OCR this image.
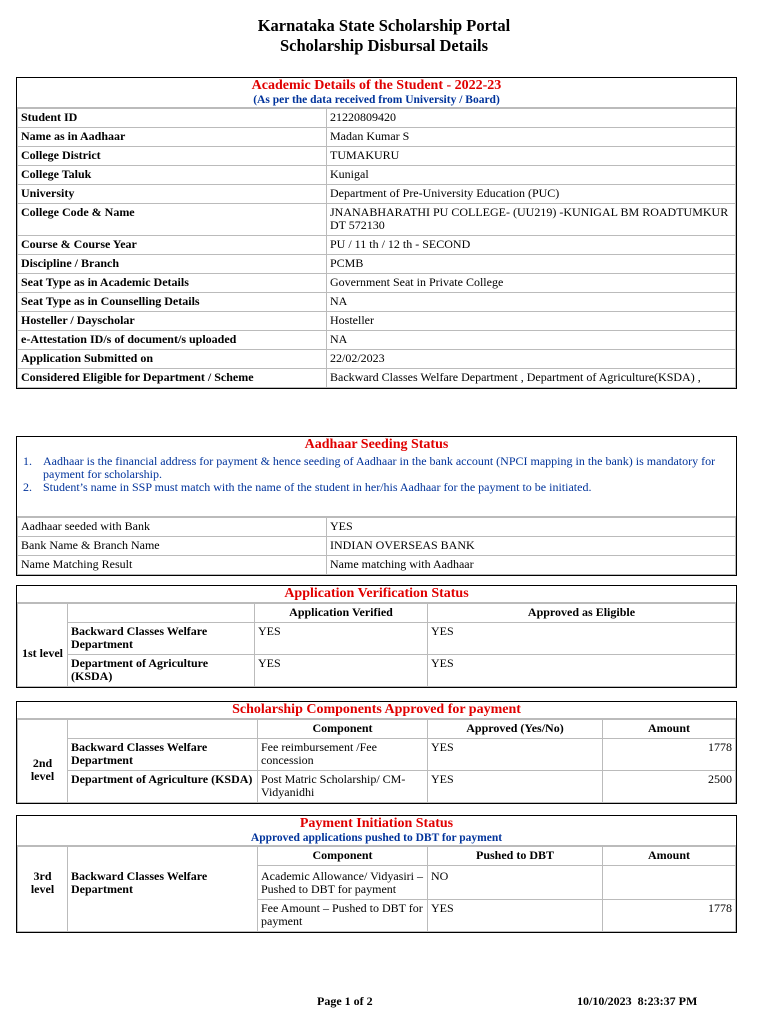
Karnataka State Scholarship Portal
Scholarship Disbursal Details
Academic Details of the Student - 2022-23
(As per the data received from University / Board)
Student ID	21220809420
Name as in Aadhaar	Madan Kumar S
College District	TUMAKURU
College Taluk	Kunigal
University	Department of Pre-University Education (PUC)
College Code & Name	JNANABHARATHI PU COLLEGE- (UU219) -KUNIGAL BM ROADTUMKUR DT 572130
Course & Course Year	PU / 11 th / 12 th - SECOND
Discipline / Branch	PCMB
Seat Type as in Academic Details	Government Seat in Private College
Seat Type as in Counselling Details	NA
Hosteller / Dayscholar	Hosteller
e-Attestation ID/s of document/s uploaded	NA
Application Submitted on	22/02/2023
Considered Eligible for Department / Scheme	Backward Classes Welfare Department , Department of Agriculture(KSDA) ,
Aadhaar Seeding Status
1. Aadhaar is the financial address for payment & hence seeding of Aadhaar in the bank account (NPCI mapping in the bank) is mandatory for payment for scholarship.
2. Student’s name in SSP must match with the name of the student in her/his Aadhaar for the payment to be initiated.
Aadhaar seeded with Bank	YES
Bank Name & Branch Name	INDIAN OVERSEAS BANK
Name Matching Result	Name matching with Aadhaar
Application Verification Status
		Application Verified	Approved as Eligible
1st level	Backward Classes Welfare Department	YES	YES
	Department of Agriculture (KSDA)	YES	YES
Scholarship Components Approved for payment
		Component	Approved (Yes/No)	Amount
2nd level	Backward Classes Welfare Department	Fee reimbursement /Fee concession	YES	1778
	Department of Agriculture (KSDA)	Post Matric Scholarship/ CM-Vidyanidhi	YES	2500
Payment Initiation Status
Approved applications pushed to DBT for payment
		Component	Pushed to DBT	Amount
3rd level	Backward Classes Welfare Department	Academic Allowance/ Vidyasiri – Pushed to DBT for payment	NO	
		Fee Amount – Pushed to DBT for payment	YES	1778
Page 1 of 2	10/10/2023  8:23:37 PM
